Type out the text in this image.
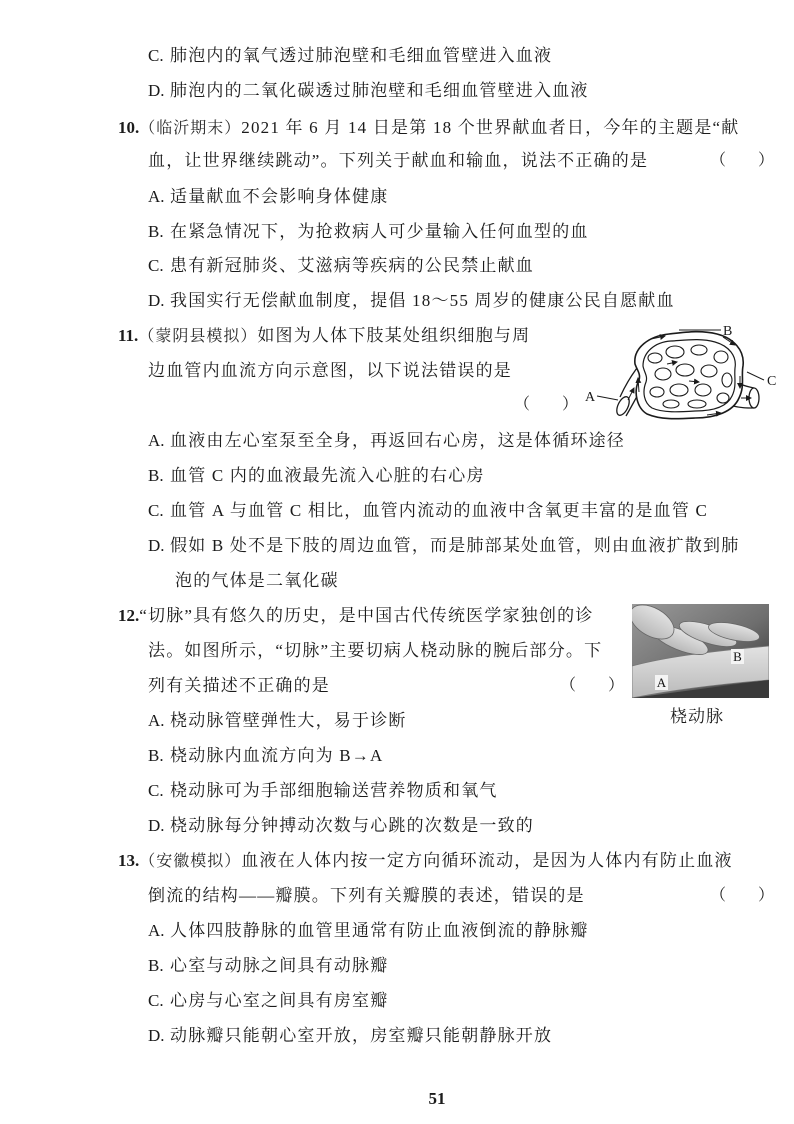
C. 肺泡内的氧气透过肺泡壁和毛细血管壁进入血液
D. 肺泡内的二氧化碳透过肺泡壁和毛细血管壁进入血液
10.（临沂期末）2021 年 6 月 14 日是第 18 个世界献血者日，今年的主题是“献
血，让世界继续跳动”。下列关于献血和输血，说法不正确的是	（　　）
A. 适量献血不会影响身体健康
B. 在紧急情况下，为抢救病人可少量输入任何血型的血
C. 患有新冠肺炎、艾滋病等疾病的公民禁止献血
D. 我国实行无偿献血制度，提倡 18～55 周岁的健康公民自愿献血
11.（蒙阴县模拟）如图为人体下肢某处组织细胞与周
边血管内血流方向示意图，以下说法错误的是
（　　） A
B
C
A. 血液由左心室泵至全身，再返回右心房，这是体循环途径
B. 血管 C 内的血液最先流入心脏的右心房
C. 血管 A 与血管 C 相比，血管内流动的血液中含氧更丰富的是血管 C
D. 假如 B 处不是下肢的周边血管，而是肺部某处血管，则由血液扩散到肺
泡的气体是二氧化碳
12.“切脉”具有悠久的历史，是中国古代传统医学家独创的诊
法。如图所示，“切脉”主要切病人桡动脉的腕后部分。下
列有关描述不正确的是	（　　）
B
A
桡动脉
A. 桡动脉管壁弹性大，易于诊断
B. 桡动脉内血流方向为 B→A
C. 桡动脉可为手部细胞输送营养物质和氧气
D. 桡动脉每分钟搏动次数与心跳的次数是一致的
13.（安徽模拟）血液在人体内按一定方向循环流动，是因为人体内有防止血液
倒流的结构——瓣膜。下列有关瓣膜的表述，错误的是	（　　）
A. 人体四肢静脉的血管里通常有防止血液倒流的静脉瓣
B. 心室与动脉之间具有动脉瓣
C. 心房与心室之间具有房室瓣
D. 动脉瓣只能朝心室开放，房室瓣只能朝静脉开放
51
